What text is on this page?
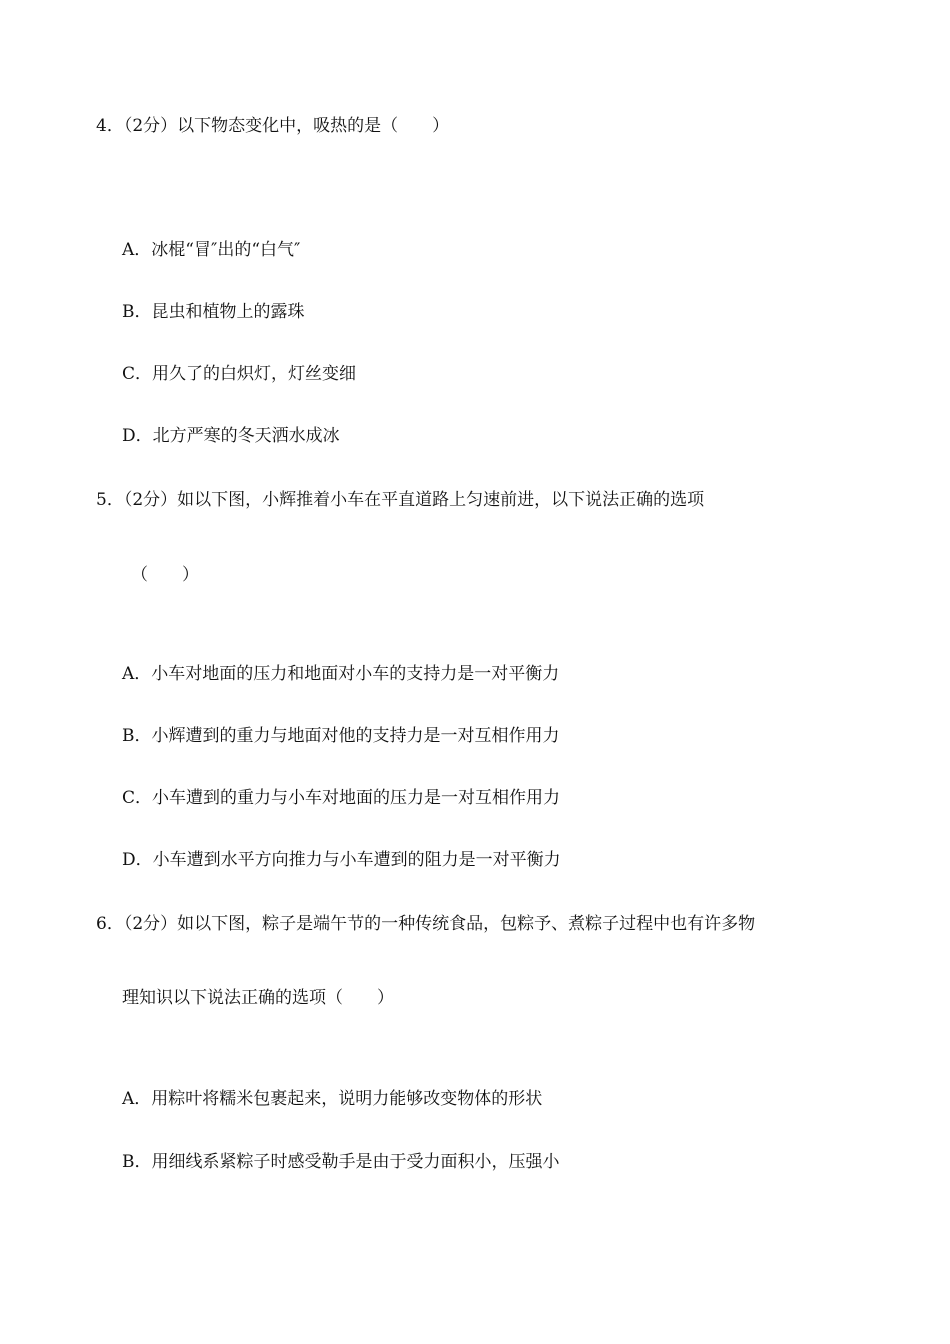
4．（2分）以下物态变化中，吸热的是（　　）
A．冰棍“冒″出的“白气″
B．昆虫和植物上的露珠
C．用久了的白炽灯，灯丝变细
D．北方严寒的冬天洒水成冰
5．（2分）如以下图，小辉推着小车在平直道路上匀速前进，以下说法正确的选项
（　　）
A．小车对地面的压力和地面对小车的支持力是一对平衡力
B．小辉遭到的重力与地面对他的支持力是一对互相作用力
C．小车遭到的重力与小车对地面的压力是一对互相作用力
D．小车遭到水平方向推力与小车遭到的阻力是一对平衡力
6．（2分）如以下图，粽子是端午节的一种传统食品，包粽予、煮粽子过程中也有许多物
理知识以下说法正确的选项（　　）
A．用粽叶将糯米包裹起来，说明力能够改变物体的形状
B．用细线系紧粽子时感受勒手是由于受力面积小，压强小
